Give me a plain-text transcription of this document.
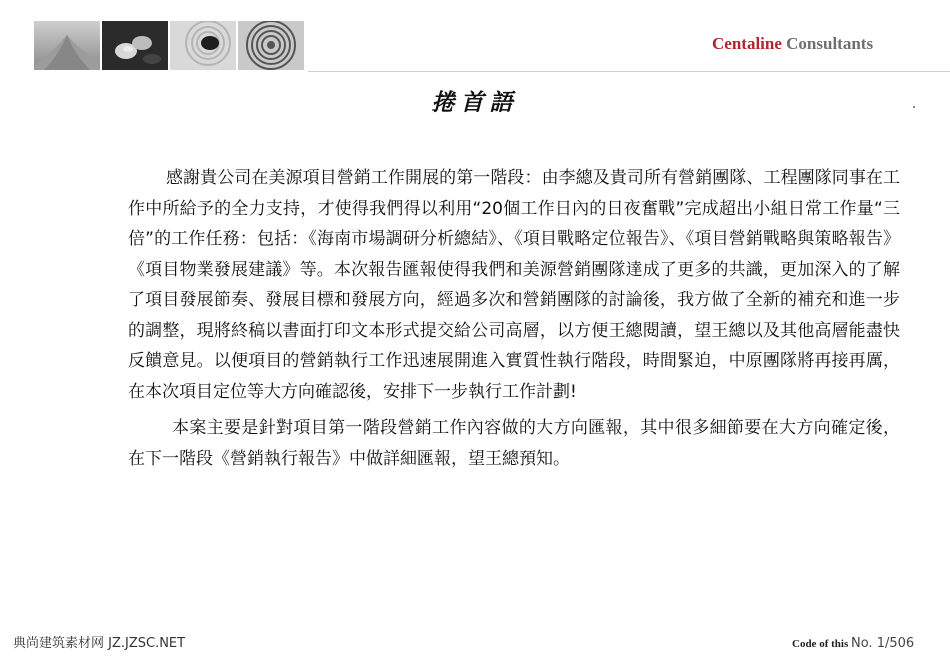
Centaline Consultants
捲首語

感謝貴公司在美源項目營銷工作開展的第一階段：由李總及貴司所有營銷團隊、工程團隊同事在工作中所給予的全力支持，才使得我們得以利用“20個工作日內的日夜奮戰”完成超出小組日常工作量“三倍”的工作任務：包括：《海南市場調研分析總結》、《項目戰略定位報告》、《項目營銷戰略與策略報告》《項目物業發展建議》等。本次報告匯報使得我們和美源營銷團隊達成了更多的共識，更加深入的了解了項目發展節奏、發展目標和發展方向，經過多次和營銷團隊的討論後，我方做了全新的補充和進一步的調整，現將終稿以書面打印文本形式提交給公司高層，以方便王總閱讀，望王總以及其他高層能盡快反饋意見。以便項目的營銷執行工作迅速展開進入實質性執行階段，時間緊迫，中原團隊將再接再厲，在本次項目定位等大方向確認後，安排下一步執行工作計劃!

本案主要是針對項目第一階段營銷工作內容做的大方向匯報，其中很多細節要在大方向確定後，在下一階段《營銷執行報告》中做詳細匯報，望王總預知。

典尚建筑素材网 JZ.JZSC.NET	Code of this No. 1/506
